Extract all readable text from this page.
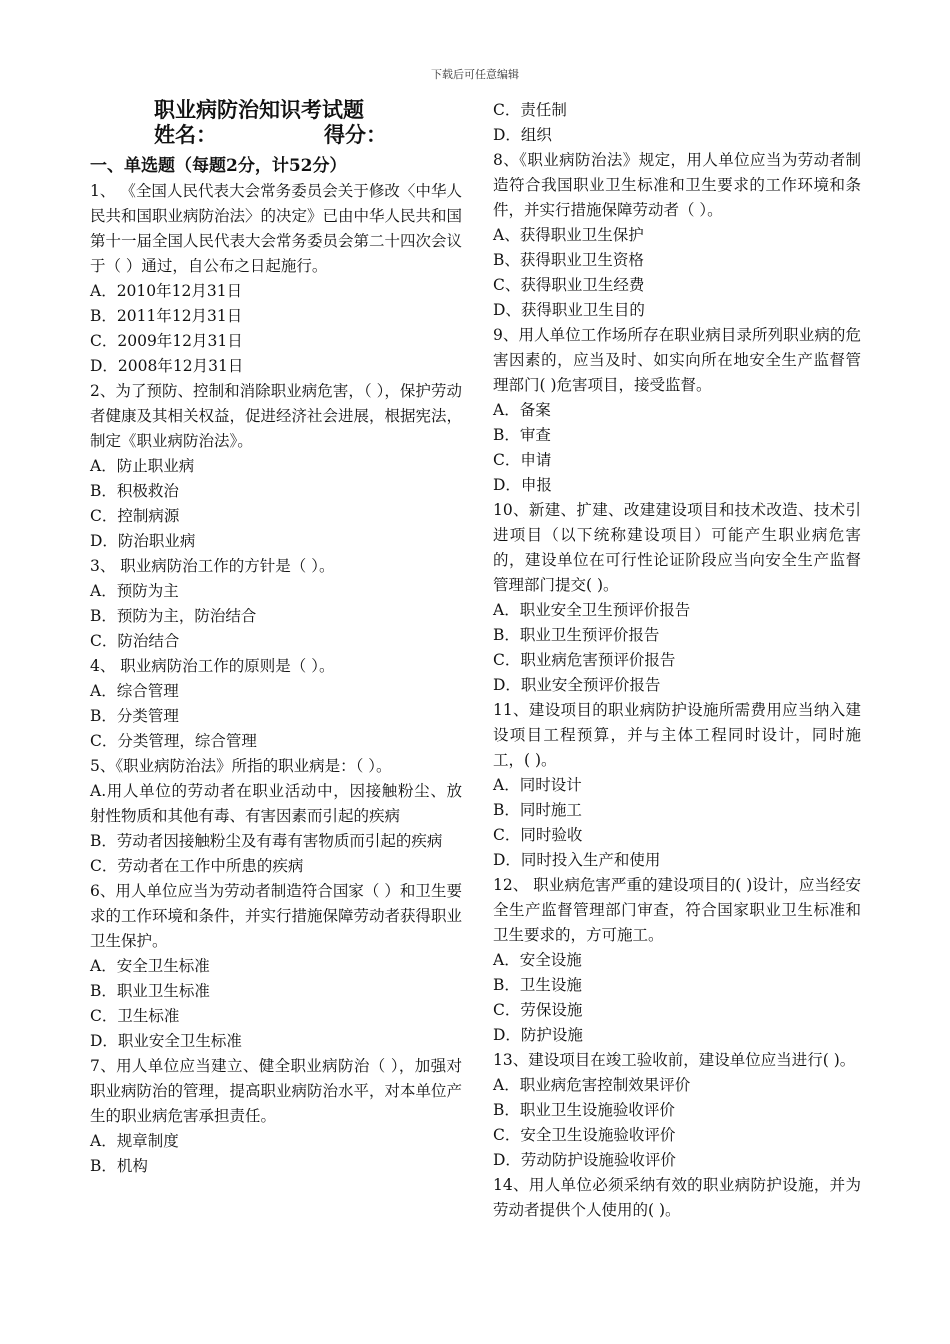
下载后可任意编辑
职业病防治知识考试题
姓名：	得分：
一、单选题（每题2分，计52分）
1、 《全国人民代表大会常务委员会关于修改〈中华人民共和国职业病防治法〉的决定》已由中华人民共和国第十一届全国人民代表大会常务委员会第二十四次会议于（ ）通过，自公布之日起施行。
A．2010年12月31日
B．2011年12月31日
C．2009年12月31日
D．2008年12月31日
2、为了预防、控制和消除职业病危害，（ ），保护劳动者健康及其相关权益，促进经济社会进展，根据宪法，制定《职业病防治法》。
A．防止职业病
B．积极救治
C．控制病源
D．防治职业病
3、 职业病防治工作的方针是（ ）。
A．预防为主
B．预防为主，防治结合
C．防治结合
4、 职业病防治工作的原则是（ ）。
A．综合管理
B．分类管理
C．分类管理，综合管理
5、《职业病防治法》所指的职业病是：（ ）。
A.用人单位的劳动者在职业活动中，因接触粉尘、放射性物质和其他有毒、有害因素而引起的疾病
B．劳动者因接触粉尘及有毒有害物质而引起的疾病
C．劳动者在工作中所患的疾病
6、用人单位应当为劳动者制造符合国家（ ）和卫生要求的工作环境和条件，并实行措施保障劳动者获得职业卫生保护。
A．安全卫生标准
B．职业卫生标准
C．卫生标准
D．职业安全卫生标准
7、用人单位应当建立、健全职业病防治（ ），加强对职业病防治的管理，提高职业病防治水平，对本单位产生的职业病危害承担责任。
A．规章制度
B．机构
C．责任制
D．组织
8、《职业病防治法》规定，用人单位应当为劳动者制造符合我国职业卫生标准和卫生要求的工作环境和条件，并实行措施保障劳动者（ ）。
A、获得职业卫生保护
B、获得职业卫生资格
C、获得职业卫生经费
D、获得职业卫生目的
9、用人单位工作场所存在职业病目录所列职业病的危害因素的，应当及时、如实向所在地安全生产监督管理部门( )危害项目，接受监督。
A．备案
B．审查
C．申请
D．申报
10、新建、扩建、改建建设项目和技术改造、技术引进项目（以下统称建设项目）可能产生职业病危害的，建设单位在可行性论证阶段应当向安全生产监督管理部门提交( )。
A．职业安全卫生预评价报告
B．职业卫生预评价报告
C．职业病危害预评价报告
D．职业安全预评价报告
11、建设项目的职业病防护设施所需费用应当纳入建设项目工程预算，并与主体工程同时设计，同时施工，( )。
A．同时设计
B．同时施工
C．同时验收
D．同时投入生产和使用
12、 职业病危害严重的建设项目的( )设计，应当经安全生产监督管理部门审查，符合国家职业卫生标准和卫生要求的，方可施工。
A．安全设施
B．卫生设施
C．劳保设施
D．防护设施
13、建设项目在竣工验收前，建设单位应当进行( )。
A．职业病危害控制效果评价
B．职业卫生设施验收评价
C．安全卫生设施验收评价
D．劳动防护设施验收评价
14、用人单位必须采纳有效的职业病防护设施，并为劳动者提供个人使用的( )。
